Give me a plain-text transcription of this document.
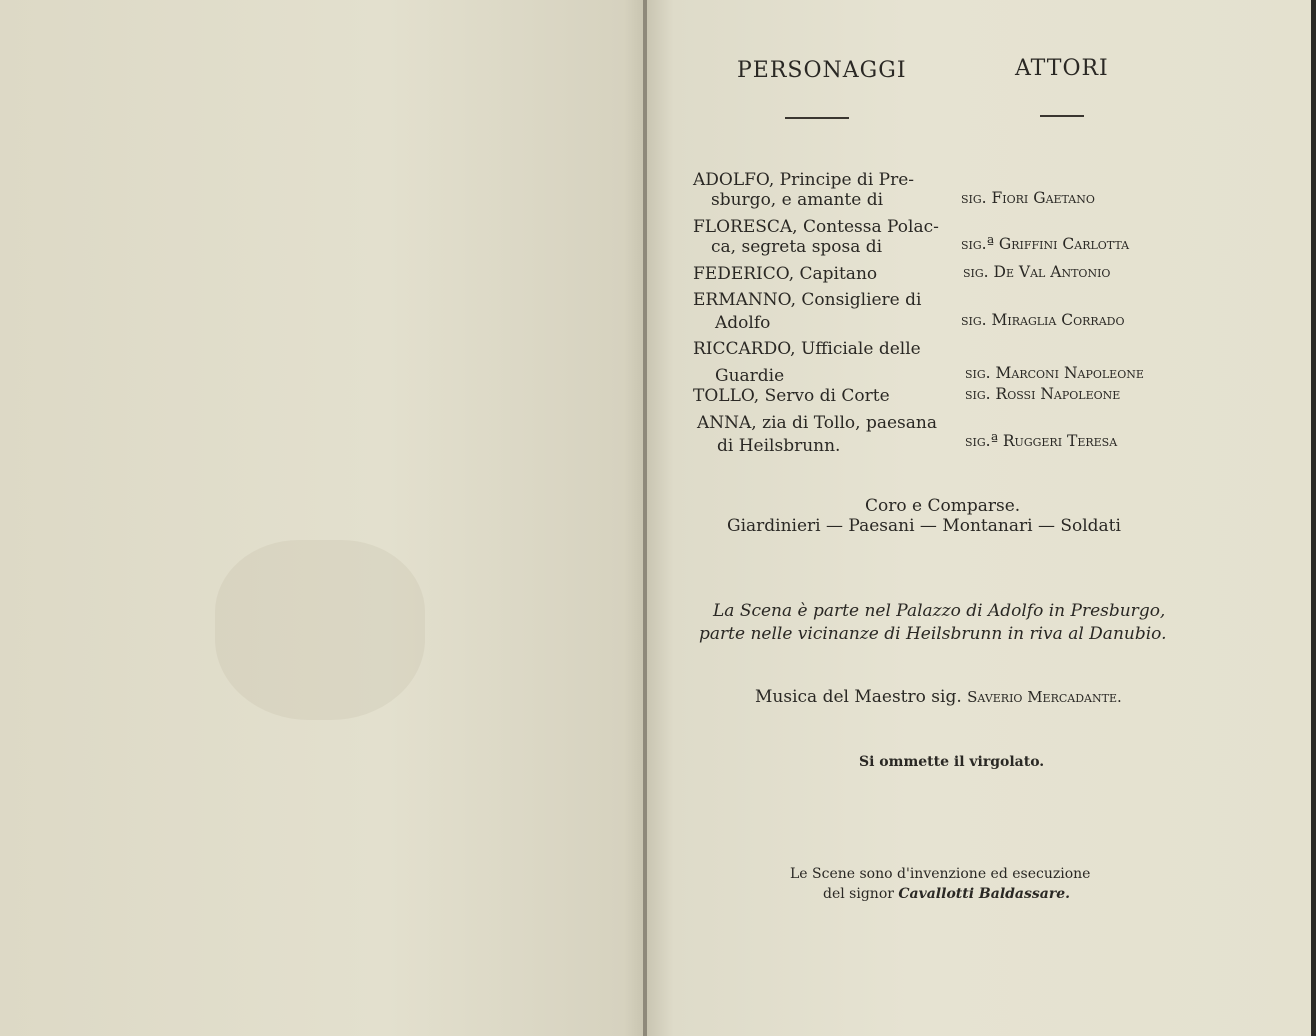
PERSONAGGI	ATTORI
ADOLFO, Principe di Pre-
sburgo, e amante di	sig. Fiori Gaetano
FLORESCA, Contessa Polac-
ca, segreta sposa di	sig.ª Griffini Carlotta
FEDERICO, Capitano	sig. De Val Antonio
ERMANNO, Consigliere di
Adolfo	sig. Miraglia Corrado
RICCARDO, Ufficiale delle
Guardie	sig. Marconi Napoleone
TOLLO, Servo di Corte	sig. Rossi Napoleone
ANNA, zia di Tollo, paesana
di Heilsbrunn.	sig.ª Ruggeri Teresa
Coro e Comparse.
Giardinieri — Paesani — Montanari — Soldati
La Scena è parte nel Palazzo di Adolfo in Presburgo,
parte nelle vicinanze di Heilsbrunn in riva al Danubio.
Musica del Maestro sig. Saverio Mercadante.
Si ommette il virgolato.
Le Scene sono d'invenzione ed esecuzione
del signor Cavallotti Baldassare.
